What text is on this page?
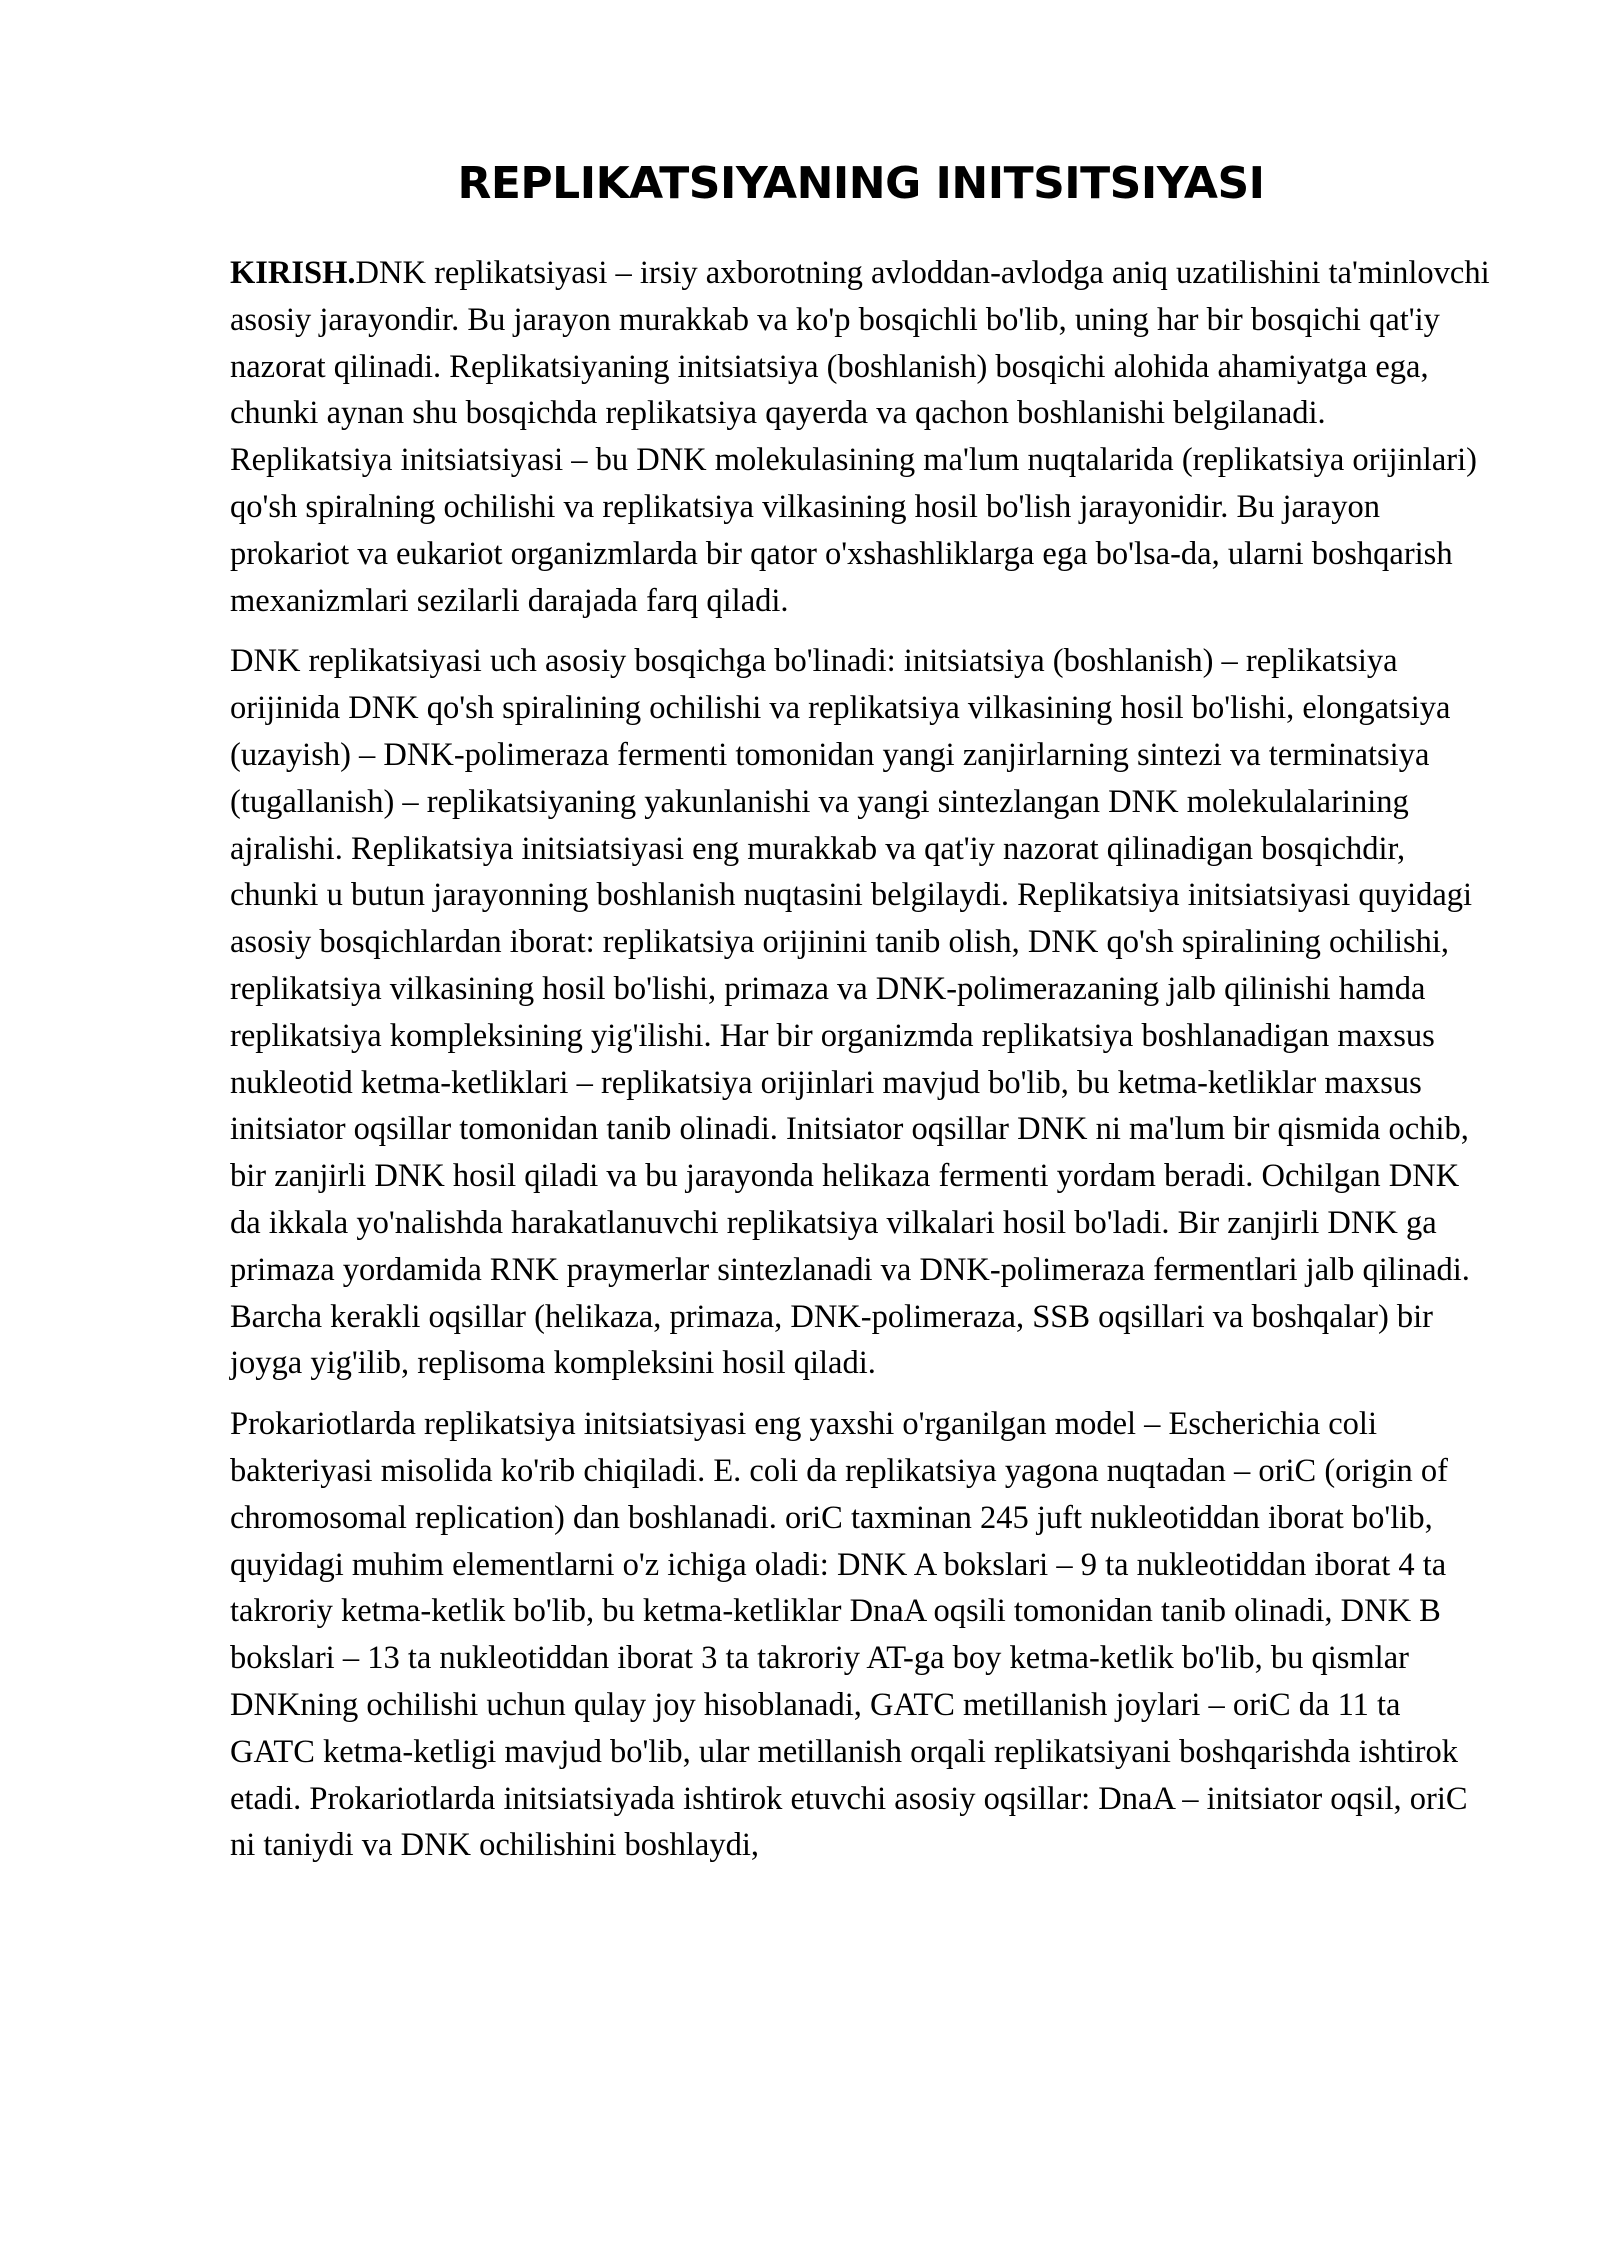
REPLIKATSIYANING INITSITSIYASI

KIRISH.DNK replikatsiyasi – irsiy axborotning avloddan-avlodga aniq uzatilishini ta'minlovchi asosiy jarayondir. Bu jarayon murakkab va ko'p bosqichli bo'lib, uning har bir bosqichi qat'iy nazorat qilinadi. Replikatsiyaning initsiatsiya (boshlanish) bosqichi alohida ahamiyatga ega, chunki aynan shu bosqichda replikatsiya qayerda va qachon boshlanishi belgilanadi. Replikatsiya initsiatsiyasi – bu DNK molekulasining ma'lum nuqtalarida (replikatsiya orijinlari) qo'sh spiralning ochilishi va replikatsiya vilkasining hosil bo'lish jarayonidir. Bu jarayon prokariot va eukariot organizmlarda bir qator o'xshashliklarga ega bo'lsa-da, ularni boshqarish mexanizmlari sezilarli darajada farq qiladi.

DNK replikatsiyasi uch asosiy bosqichga bo'linadi: initsiatsiya (boshlanish) – replikatsiya orijinida DNK qo'sh spiralining ochilishi va replikatsiya vilkasining hosil bo'lishi, elongatsiya (uzayish) – DNK-polimeraza fermenti tomonidan yangi zanjirlarning sintezi va terminatsiya (tugallanish) – replikatsiyaning yakunlanishi va yangi sintezlangan DNK molekulalarining ajralishi. Replikatsiya initsiatsiyasi eng murakkab va qat'iy nazorat qilinadigan bosqichdir, chunki u butun jarayonning boshlanish nuqtasini belgilaydi. Replikatsiya initsiatsiyasi quyidagi asosiy bosqichlardan iborat: replikatsiya orijinini tanib olish, DNK qo'sh spiralining ochilishi, replikatsiya vilkasining hosil bo'lishi, primaza va DNK-polimerazaning jalb qilinishi hamda replikatsiya kompleksining yig'ilishi. Har bir organizmda replikatsiya boshlanadigan maxsus nukleotid ketma-ketliklari – replikatsiya orijinlari mavjud bo'lib, bu ketma-ketliklar maxsus initsiator oqsillar tomonidan tanib olinadi. Initsiator oqsillar DNK ni ma'lum bir qismida ochib, bir zanjirli DNK hosil qiladi va bu jarayonda helikaza fermenti yordam beradi. Ochilgan DNK da ikkala yo'nalishda harakatlanuvchi replikatsiya vilkalari hosil bo'ladi. Bir zanjirli DNK ga primaza yordamida RNK praymerlar sintezlanadi va DNK-polimeraza fermentlari jalb qilinadi. Barcha kerakli oqsillar (helikaza, primaza, DNK-polimeraza, SSB oqsillari va boshqalar) bir joyga yig'ilib, replisoma kompleksini hosil qiladi.

Prokariotlarda replikatsiya initsiatsiyasi eng yaxshi o'rganilgan model – Escherichia coli bakteriyasi misolida ko'rib chiqiladi. E. coli da replikatsiya yagona nuqtadan – oriC (origin of chromosomal replication) dan boshlanadi. oriC taxminan 245 juft nukleotiddan iborat bo'lib, quyidagi muhim elementlarni o'z ichiga oladi: DNK A bokslari – 9 ta nukleotiddan iborat 4 ta takroriy ketma-ketlik bo'lib, bu ketma-ketliklar DnaA oqsili tomonidan tanib olinadi, DNK B bokslari – 13 ta nukleotiddan iborat 3 ta takroriy AT-ga boy ketma-ketlik bo'lib, bu qismlar DNKning ochilishi uchun qulay joy hisoblanadi, GATC metillanish joylari – oriC da 11 ta GATC ketma-ketligi mavjud bo'lib, ular metillanish orqali replikatsiyani boshqarishda ishtirok etadi. Prokariotlarda initsiatsiyada ishtirok etuvchi asosiy oqsillar: DnaA – initsiator oqsil, oriC ni taniydi va DNK ochilishini boshlaydi,
